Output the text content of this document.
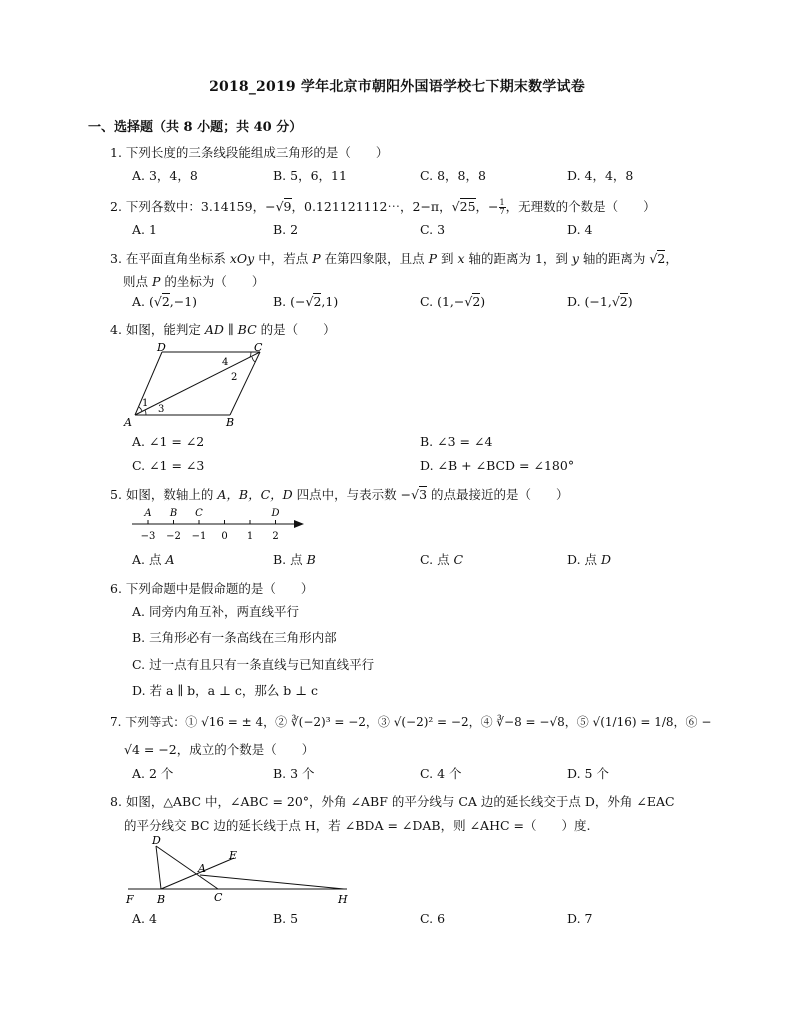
2018_2019 学年北京市朝阳外国语学校七下期末数学试卷
一、选择题（共 8 小题；共 40 分）
1. 下列长度的三条线段能组成三角形的是（　　）
A. 3，4，8	B. 5，6，11	C. 8，8，8	D. 4，4，8
2. 下列各数中：3.14159，−√9，0.121121112⋯，2−π，√25，− $\frac{1}{7}$ ，无理数的个数是（　　）
A. 1	B. 2	C. 3	D. 4
3. 在平面直角坐标系 xOy 中，若点 P 在第四象限，且点 P 到 x 轴的距离为 1，到 y 轴的距离为 √2，
则点 P 的坐标为（　　）
A. (√2,−1)	B. (−√2,1)	C. (1,−√2)	D. (−1,√2)
4. 如图，能判定 AD ∥ BC 的是（　　）
D	C
A	B
1
2
3
4
A. ∠1 = ∠2	B. ∠3 = ∠4
C. ∠1 = ∠3	D. ∠B + ∠BCD = ∠180°
5. 如图，数轴上的 A，B，C，D 四点中，与表示数 −√3 的点最接近的是（　　）
−3 −2 −1 0 1 2
A B C	D
A. 点 A	B. 点 B	C. 点 C	D. 点 D
6. 下列命题中是假命题的是（　　）
A. 同旁内角互补，两直线平行
B. 三角形必有一条高线在三角形内部
C. 过一点有且只有一条直线与已知直线平行
D. 若 a ∥ b，a ⊥ c，那么 b ⊥ c
7. 下列等式：① √16 = ± 4，② ∛(−2)³ = −2，③ √(−2)² = −2，④ ∛−8 = −√8，⑤ √(1/16) = 1/8，⑥ −
√4 = −2，成立的个数是（　　）
A. 2 个	B. 3 个	C. 4 个	D. 5 个
8. 如图，△ABC 中，∠ABC = 20°，外角 ∠ABF 的平分线与 CA 边的延长线交于点 D，外角 ∠EAC
的平分线交 BC 边的延长线于点 H，若 ∠BDA = ∠DAB，则 ∠AHC =（　　）度.
D
A
E
F B	C	H
A. 4	B. 5	C. 6	D. 7
